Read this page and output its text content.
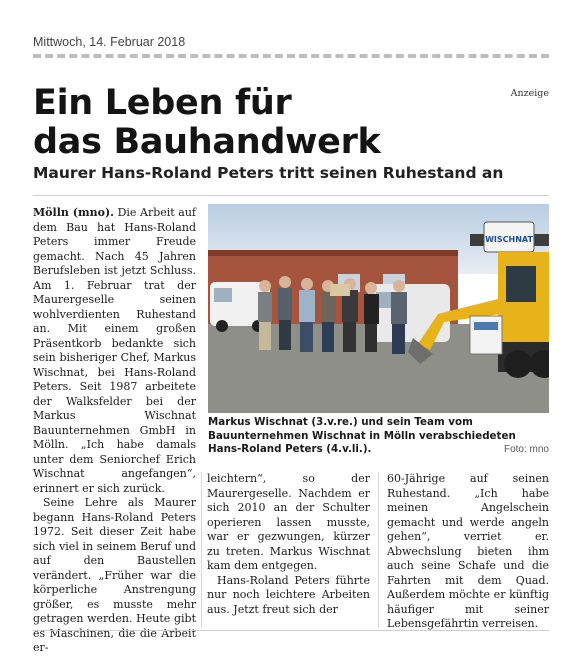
Mittwoch, 14. Februar 2018
Anzeige
Ein Leben für
das Bauhandwerk
Maurer Hans-Roland Peters tritt seinen Ruhestand an

Mölln (mno). Die Arbeit auf dem Bau hat Hans-Roland Peters immer Freude gemacht. Nach 45 Jahren Berufsleben ist jetzt Schluss. Am 1. Februar trat der Maurergeselle seinen wohlverdienten Ruhestand an. Mit einem großen Präsentkorb bedankte sich sein bisheriger Chef, Markus Wischnat, bei Hans-Roland Peters. Seit 1987 arbeitete der Walksfelder bei der Markus Wischnat Bauunternehmen GmbH in Mölln. „Ich habe damals unter dem Seniorchef Erich Wischnat angefangen“, erinnert er sich zurück.

Seine Lehre als Maurer begann Hans-Roland Peters 1972. Seit dieser Zeit habe sich viel in seinem Beruf und auf den Baustellen verändert. „Früher war die körperliche Anstrengung größer, es musste mehr getragen werden. Heute gibt es Maschinen, die die Arbeit er-

WISCHNAT
Markus Wischnat (3.v.re.) und sein Team vom Bauunternehmen Wischnat in Mölln verabschiedeten Hans-Roland Peters (4.v.li.).	Foto: mno

leichtern“, so der Maurergeselle. Nachdem er sich 2010 an der Schulter operieren lassen musste, war er gezwungen, kürzer zu treten. Markus Wischnat kam dem entgegen.

Hans-Roland Peters führte nur noch leichtere Arbeiten aus. Jetzt freut sich der

60-Jährige auf seinen Ruhestand. „Ich habe meinen Angelschein gemacht und werde angeln gehen“, verriet er. Abwechslung bieten ihm auch seine Schafe und die Fahrten mit dem Quad. Außerdem möchte er künftig häufiger mit seiner Lebensgefährtin verreisen.
